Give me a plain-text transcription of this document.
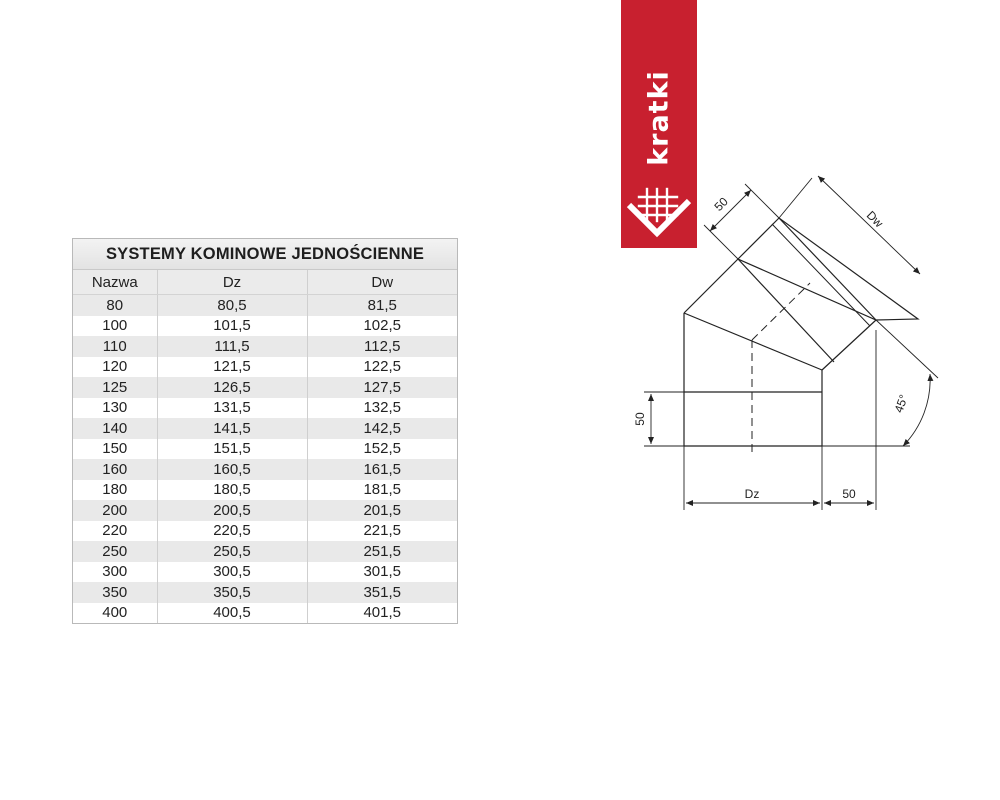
SYSTEMY KOMINOWE JEDNOŚCIENNE
Nazwa	Dz	Dw
80	80,5	81,5
100	101,5	102,5
110	111,5	112,5
120	121,5	122,5
125	126,5	127,5
130	131,5	132,5
140	141,5	142,5
150	151,5	152,5
160	160,5	161,5
180	180,5	181,5
200	200,5	201,5
220	220,5	221,5
250	250,5	251,5
300	300,5	301,5
350	350,5	351,5
400	400,5	401,5
kratki
50
Dw
45°
50
Dz	50
